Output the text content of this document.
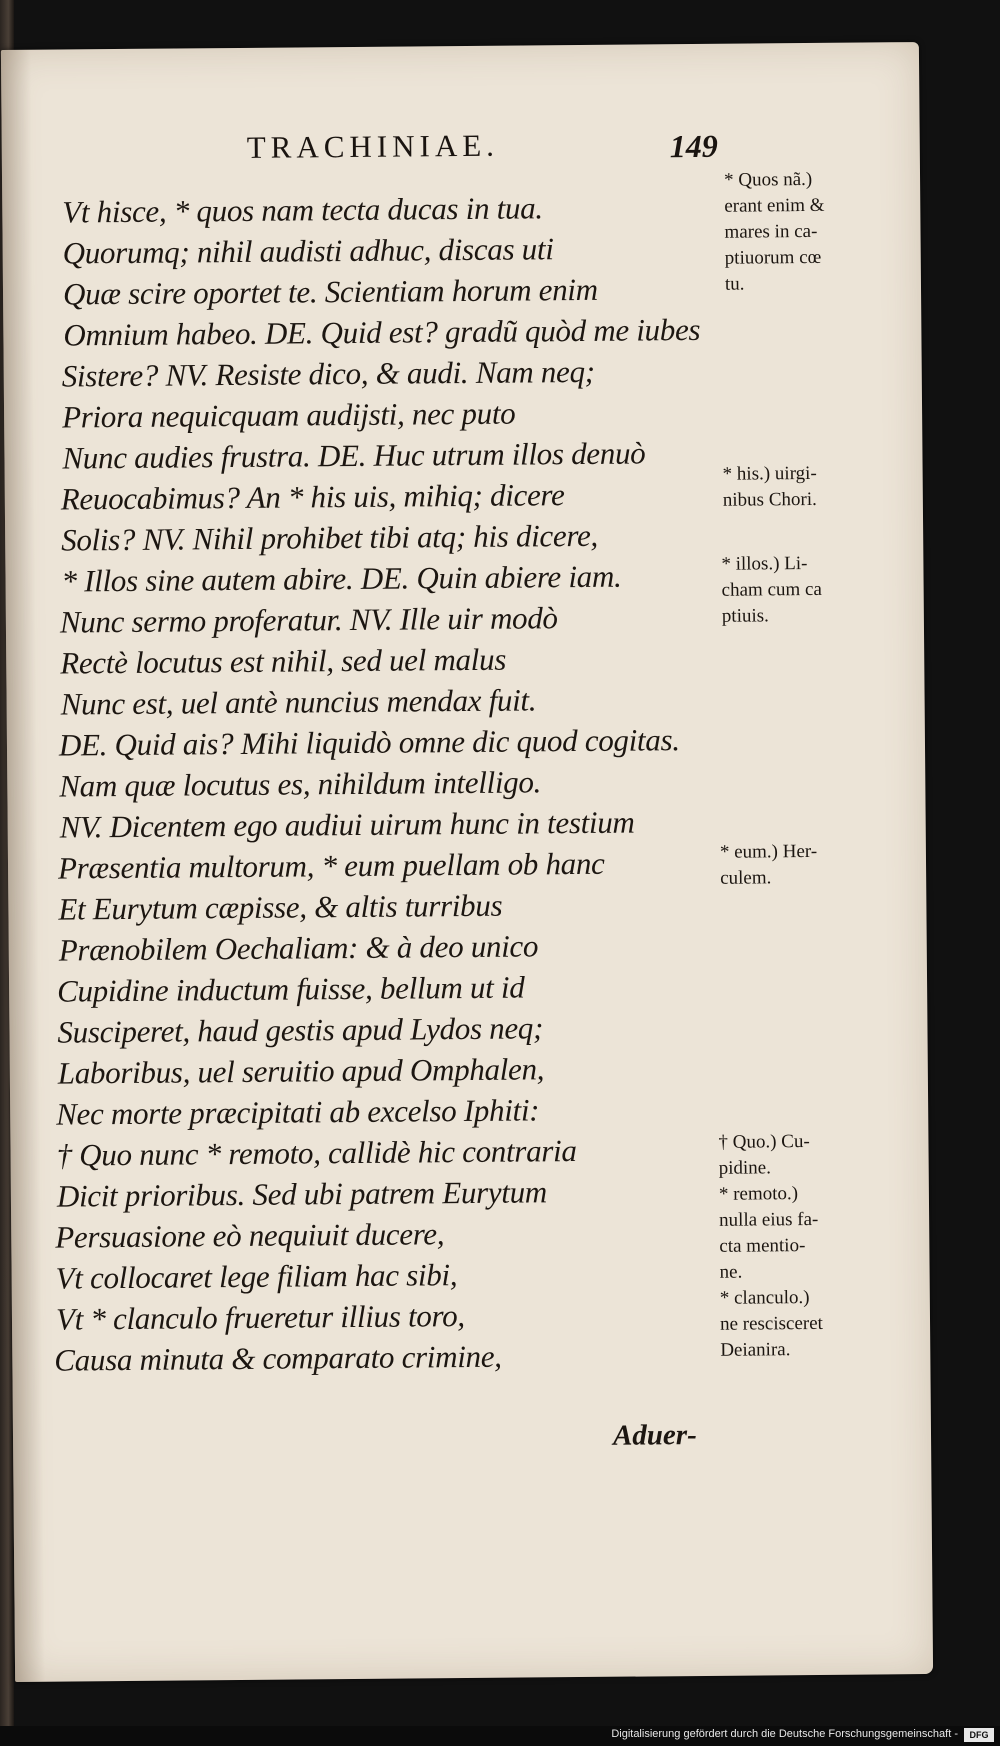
TRACHINIAE.	149
Vt hisce, * quos nam tecta ducas in tua.
Quorumq; nihil audisti adhuc, discas uti
Quæ scire oportet te. Scientiam horum enim
Omnium habeo. DE. Quid est? gradũ quòd me iubes
Sistere? NV. Resiste dico, & audi. Nam neq;
Priora nequicquam audijsti, nec puto
Nunc audies frustra. DE. Huc utrum illos denuò
Reuocabimus? An * his uis, mihiq; dicere
Solis? NV. Nihil prohibet tibi atq; his dicere,
* Illos sine autem abire. DE. Quin abiere iam.
Nunc sermo proferatur. NV. Ille uir modò
Rectè locutus est nihil, sed uel malus
Nunc est, uel antè nuncius mendax fuit.
DE. Quid ais? Mihi liquidò omne dic quod cogitas.
Nam quæ locutus es, nihildum intelligo.
NV. Dicentem ego audiui uirum hunc in testium
Præsentia multorum, * eum puellam ob hanc
Et Eurytum cæpisse, & altis turribus
Prænobilem Oechaliam: & à deo unico
Cupidine inductum fuisse, bellum ut id
Susciperet, haud gestis apud Lydos neq;
Laboribus, uel seruitio apud Omphalen,
Nec morte præcipitati ab excelso Iphiti:
† Quo nunc * remoto, callidè hic contraria
Dicit prioribus. Sed ubi patrem Eurytum
Persuasione eò nequiuit ducere,
Vt collocaret lege filiam hac sibi,
Vt * clanculo frueretur illius toro,
Causa minuta & comparato crimine,
* Quos nã.)
erant enim &
mares in ca-
ptiuorum cœ
tu.
* his.) uirgi-
nibus Chori.
* illos.) Li-
cham cum ca
ptiuis.
* eum.) Her-
culem.
† Quo.) Cu-
pidine.
* remoto.)
nulla eius fa-
cta mentio-
ne.
* clanculo.)
ne rescisceret
Deianira.
Aduer-
Digitalisierung gefördert durch die Deutsche Forschungsgemeinschaft -	DFG
